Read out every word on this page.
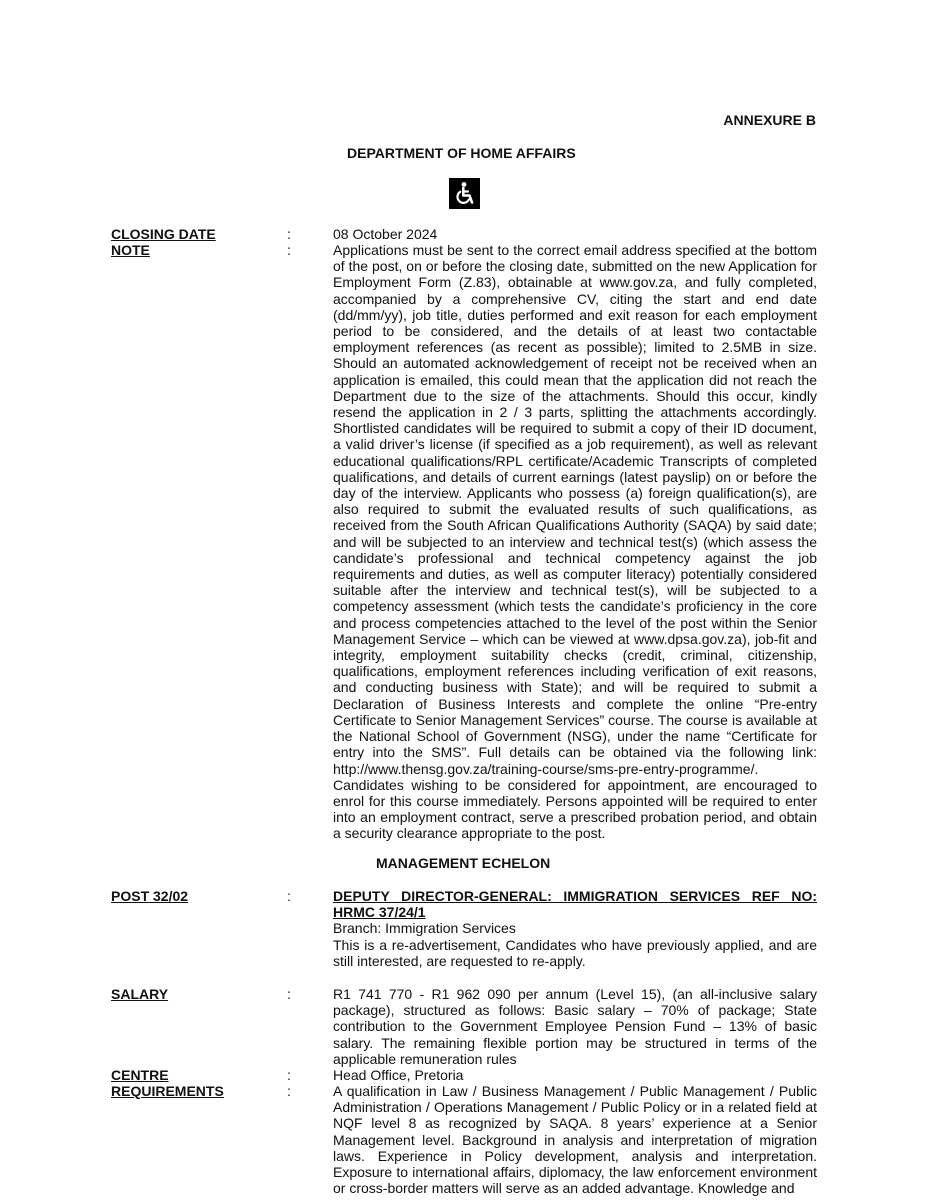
ANNEXURE B
DEPARTMENT OF HOME AFFAIRS
CLOSING DATE	:	08 October 2024
NOTE	:	Applications must be sent to the correct email address specified at the bottom of the post, on or before the closing date, submitted on the new Application for Employment Form (Z.83), obtainable at www.gov.za, and fully completed, accompanied by a comprehensive CV, citing the start and end date (dd/mm/yy), job title, duties performed and exit reason for each employment period to be considered, and the details of at least two contactable employment references (as recent as possible); limited to 2.5MB in size. Should an automated acknowledgement of receipt not be received when an application is emailed, this could mean that the application did not reach the Department due to the size of the attachments. Should this occur, kindly resend the application in 2 / 3 parts, splitting the attachments accordingly. Shortlisted candidates will be required to submit a copy of their ID document, a valid driver’s license (if specified as a job requirement), as well as relevant educational qualifications/RPL certificate/Academic Transcripts of completed qualifications, and details of current earnings (latest payslip) on or before the day of the interview. Applicants who possess (a) foreign qualification(s), are also required to submit the evaluated results of such qualifications, as received from the South African Qualifications Authority (SAQA) by said date; and will be subjected to an interview and technical test(s) (which assess the candidate’s professional and technical competency against the job requirements and duties, as well as computer literacy) potentially considered suitable after the interview and technical test(s), will be subjected to a competency assessment (which tests the candidate’s proficiency in the core and process competencies attached to the level of the post within the Senior Management Service – which can be viewed at www.dpsa.gov.za), job-fit and integrity, employment suitability checks (credit, criminal, citizenship, qualifications, employment references including verification of exit reasons, and conducting business with State); and will be required to submit a Declaration of Business Interests and complete the online “Pre-entry Certificate to Senior Management Services” course. The course is available at the National School of Government (NSG), under the name “Certificate for entry into the SMS”. Full details can be obtained via the following link: http://www.thensg.gov.za/training-course/sms-pre-entry-programme/.

Candidates wishing to be considered for appointment, are encouraged to enrol for this course immediately. Persons appointed will be required to enter into an employment contract, serve a prescribed probation period, and obtain a security clearance appropriate to the post.

MANAGEMENT ECHELON
POST 32/02	:	DEPUTY DIRECTOR-GENERAL: IMMIGRATION SERVICES REF NO: HRMC 37/24/1
Branch: Immigration Services
This is a re-advertisement, Candidates who have previously applied, and are still interested, are requested to re-apply.
SALARY	:	R1 741 770 - R1 962 090 per annum (Level 15), (an all-inclusive salary package), structured as follows: Basic salary – 70% of package; State contribution to the Government Employee Pension Fund – 13% of basic salary. The remaining flexible portion may be structured in terms of the applicable remuneration rules
CENTRE	:	Head Office, Pretoria
REQUIREMENTS	:	A qualification in Law / Business Management / Public Management / Public Administration / Operations Management / Public Policy or in a related field at NQF level 8 as recognized by SAQA. 8 years’ experience at a Senior Management level. Background in analysis and interpretation of migration laws. Experience in Policy development, analysis and interpretation. Exposure to international affairs, diplomacy, the law enforcement environment or cross-border matters will serve as an added advantage. Knowledge and
